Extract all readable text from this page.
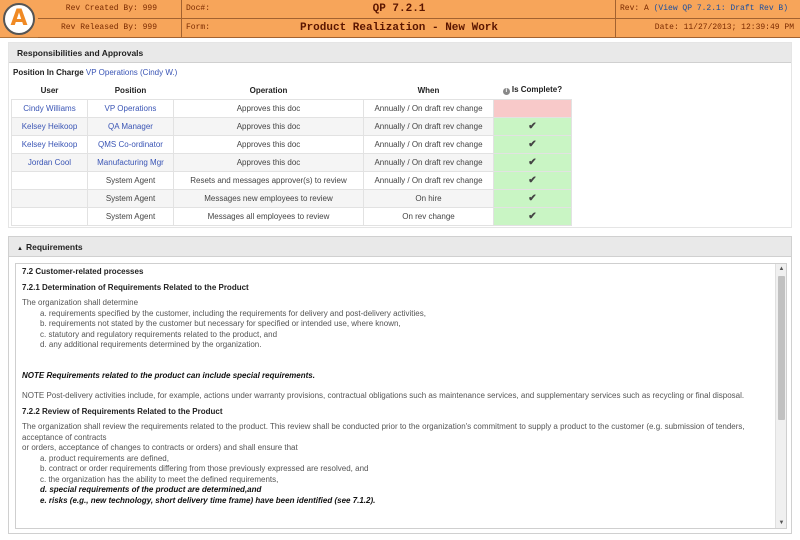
A	Rev Created By: 999
Rev Released By: 999
Doc#:	QP 7.2.1
Form:	Product Realization - New Work
Rev: A (View QP 7.2.1: Draft Rev B)
Date: 11/27/2013; 12:39:49 PM
Responsibilities and Approvals
Position In Charge VP Operations (Cindy W.)
User	Position	Operation	When	i Is Complete?
Cindy Williams	VP Operations	Approves this doc	Annually / On draft rev change	
Kelsey Heikoop	QA Manager	Approves this doc	Annually / On draft rev change	✔
Kelsey Heikoop	QMS Co-ordinator	Approves this doc	Annually / On draft rev change	✔
Jordan Cool	Manufacturing Mgr	Approves this doc	Annually / On draft rev change	✔
	System Agent	Resets and messages approver(s) to review	Annually / On draft rev change	✔
	System Agent	Messages new employees to review	On hire	✔
	System Agent	Messages all employees to review	On rev change	✔
▲ Requirements
7.2 Customer-related processes
7.2.1 Determination of Requirements Related to the Product
The organization shall determine
a. requirements specified by the customer, including the requirements for delivery and post-delivery activities,
b. requirements not stated by the customer but necessary for specified or intended use, where known,
c. statutory and regulatory requirements related to the product, and
d. any additional requirements determined by the organization.
NOTE Requirements related to the product can include special requirements.
NOTE Post-delivery activities include, for example, actions under warranty provisions, contractual obligations such as maintenance services, and supplementary services such as recycling or final disposal.
7.2.2 Review of Requirements Related to the Product
The organization shall review the requirements related to the product. This review shall be conducted prior to the organization's commitment to supply a product to the customer (e.g. submission of tenders, acceptance of contracts
or orders, acceptance of changes to contracts or orders) and shall ensure that
a. product requirements are defined,
b. contract or order requirements differing from those previously expressed are resolved, and
c. the organization has the ability to meet the defined requirements,
d. special requirements of the product are determined,and
e. risks (e.g., new technology, short delivery time frame) have been identified (see 7.1.2).
▲
▼
